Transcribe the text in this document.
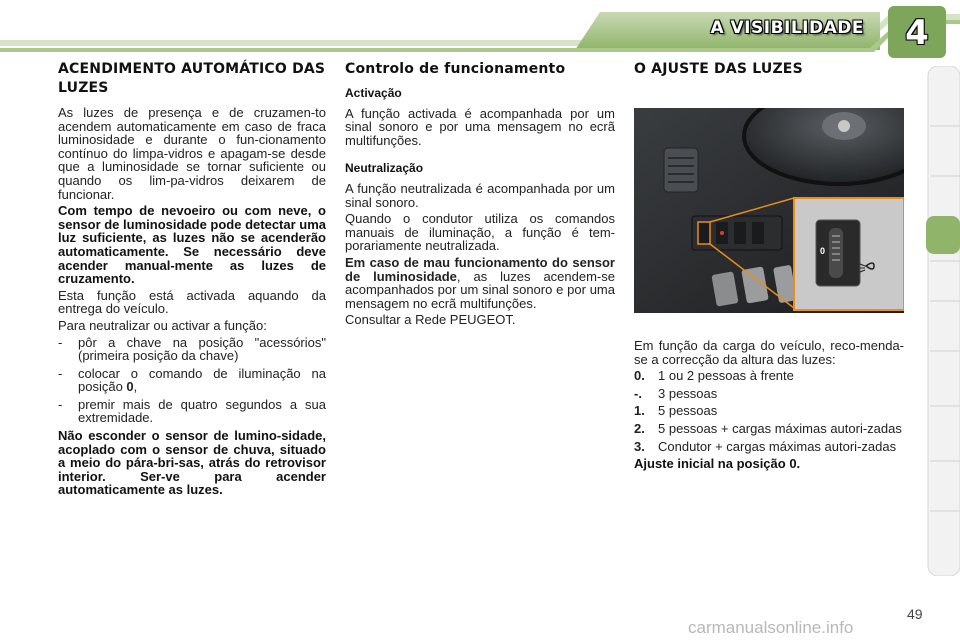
A VISIBILIDADE	4
ACENDIMENTO AUTOMÁTICO DAS LUZES

As luzes de presença e de cruzamen-to acendem automaticamente em caso de fraca luminosidade e durante o fun-cionamento contínuo do limpa-vidros e apagam-se desde que a luminosidade se tornar suficiente ou quando os lim-pa-vidros deixarem de funcionar.

Com tempo de nevoeiro ou com neve, o sensor de luminosidade pode detectar uma luz suficiente, as luzes não se acenderão automaticamente. Se necessário deve acender manual-mente as luzes de cruzamento.

Esta função está activada aquando da entrega do veículo.

Para neutralizar ou activar a função:

-	pôr a chave na posição "acessórios" (primeira posição da chave)
-	colocar o comando de iluminação na posição 0,
-	premir mais de quatro segundos a sua extremidade.

Não esconder o sensor de lumino-sidade, acoplado com o sensor de chuva, situado a meio do pára-bri-sas, atrás do retrovisor interior. Ser-ve para acender automaticamente as luzes.

Controlo de funcionamento
Activação

A função activada é acompanhada por um sinal sonoro e por uma mensagem no ecrã multifunções.

Neutralização

A função neutralizada é acompanhada por um sinal sonoro.

Quando o condutor utiliza os comandos manuais de iluminação, a função é tem-porariamente neutralizada.

Em caso de mau funcionamento do sensor de luminosidade, as luzes acendem-se acompanhados por um sinal sonoro e por uma mensagem no ecrã multifunções.

Consultar a Rede PEUGEOT.

O AJUSTE DAS LUZES

Em função da carga do veículo, reco-menda-se a correcção da altura das luzes:

0.	1 ou 2 pessoas à frente
-.	3 pessoas
1.	5 pessoas
2.	5 pessoas + cargas máximas autori-zadas
3.	Condutor + cargas máximas autori-zadas

Ajuste inicial na posição 0.

0
49
carmanualsonline.info
